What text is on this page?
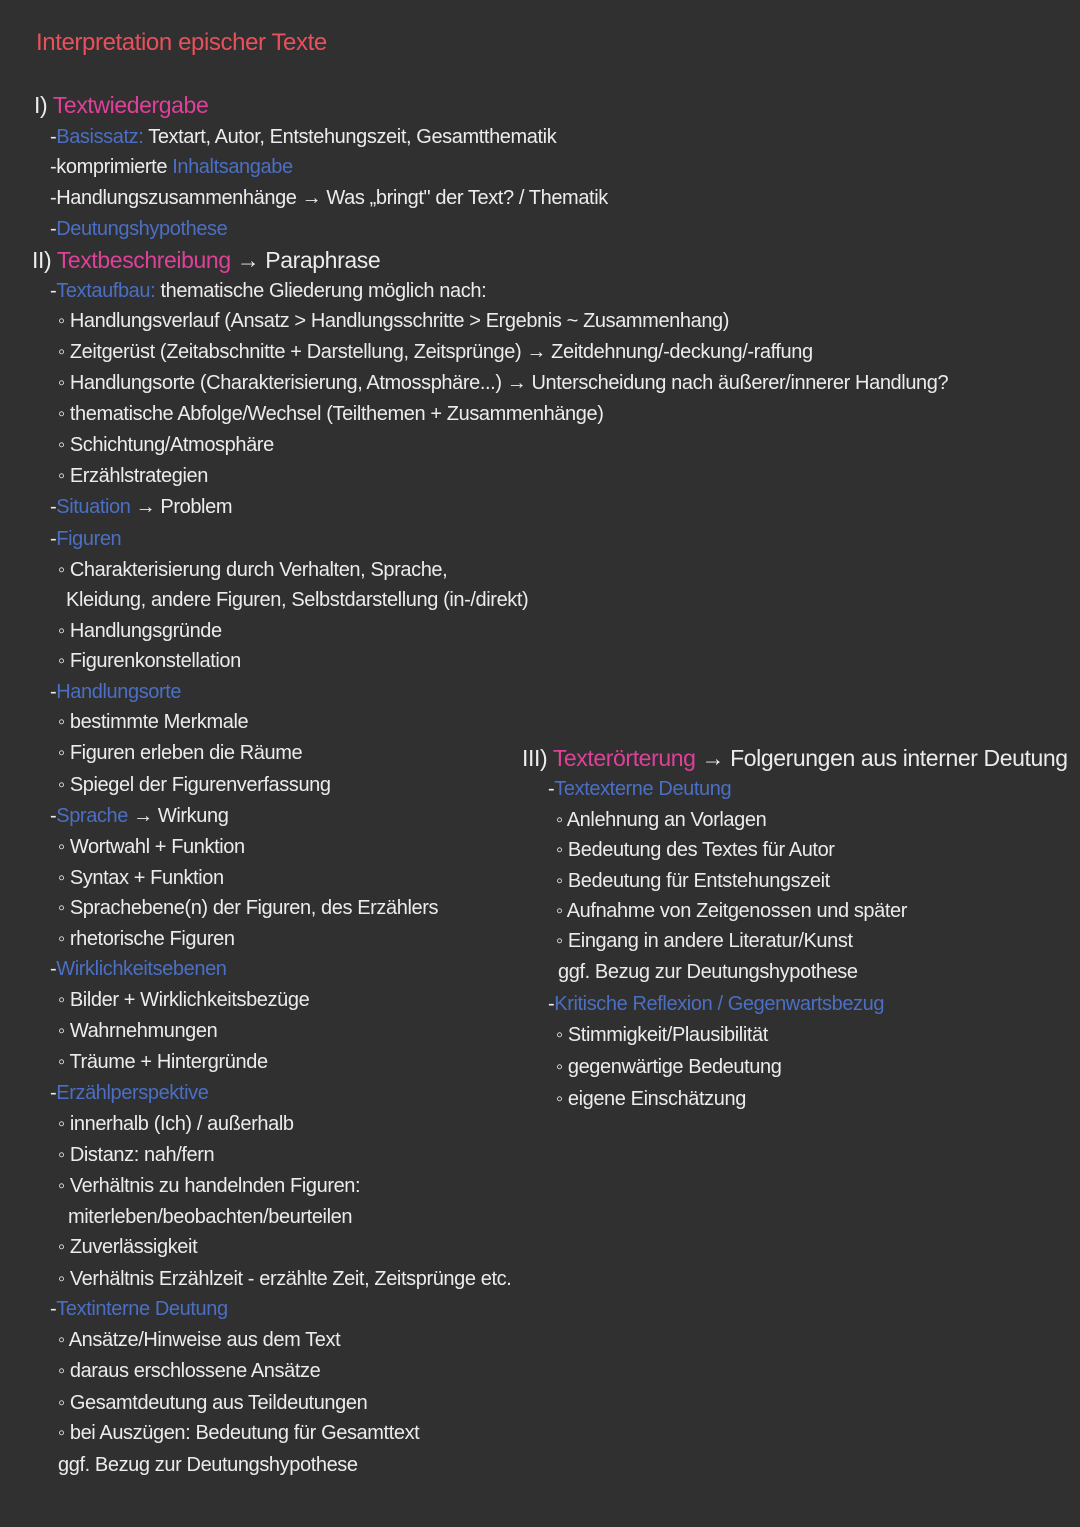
Interpretation epischer Texte
I) Textwiedergabe
-Basissatz: Textart, Autor, Entstehungszeit, Gesamtthematik
-komprimierte Inhaltsangabe
-Handlungszusammenhänge → Was „bringt" der Text? / Thematik
-Deutungshypothese
II) Textbeschreibung → Paraphrase
-Textaufbau: thematische Gliederung möglich nach:
◦ Handlungsverlauf (Ansatz > Handlungsschritte > Ergebnis ~ Zusammenhang)
◦ Zeitgerüst (Zeitabschnitte + Darstellung, Zeitsprünge) → Zeitdehnung/-deckung/-raffung
◦ Handlungsorte (Charakterisierung, Atmossphäre...) → Unterscheidung nach äußerer/innerer Handlung?
◦ thematische Abfolge/Wechsel (Teilthemen + Zusammenhänge)
◦ Schichtung/Atmosphäre
◦ Erzählstrategien
-Situation → Problem
-Figuren
◦ Charakterisierung durch Verhalten, Sprache,
Kleidung, andere Figuren, Selbstdarstellung (in-/direkt)
◦ Handlungsgründe
◦ Figurenkonstellation
-Handlungsorte
◦ bestimmte Merkmale
◦ Figuren erleben die Räume
◦ Spiegel der Figurenverfassung
-Sprache → Wirkung
◦ Wortwahl + Funktion
◦ Syntax + Funktion
◦ Sprachebene(n) der Figuren, des Erzählers
◦ rhetorische Figuren
-Wirklichkeitsebenen
◦ Bilder + Wirklichkeitsbezüge
◦ Wahrnehmungen
◦ Träume + Hintergründe
-Erzählperspektive
◦ innerhalb (Ich) / außerhalb
◦ Distanz: nah/fern
◦ Verhältnis zu handelnden Figuren:
miterleben/beobachten/beurteilen
◦ Zuverlässigkeit
◦ Verhältnis Erzählzeit - erzählte Zeit, Zeitsprünge etc.
-Textinterne Deutung
◦ Ansätze/Hinweise aus dem Text
◦ daraus erschlossene Ansätze
◦ Gesamtdeutung aus Teildeutungen
◦ bei Auszügen: Bedeutung für Gesamttext
ggf. Bezug zur Deutungshypothese
III) Texterörterung → Folgerungen aus interner Deutung
-Textexterne Deutung
◦ Anlehnung an Vorlagen
◦ Bedeutung des Textes für Autor
◦ Bedeutung für Entstehungszeit
◦ Aufnahme von Zeitgenossen und später
◦ Eingang in andere Literatur/Kunst
ggf. Bezug zur Deutungshypothese
-Kritische Reflexion / Gegenwartsbezug
◦ Stimmigkeit/Plausibilität
◦ gegenwärtige Bedeutung
◦ eigene Einschätzung
